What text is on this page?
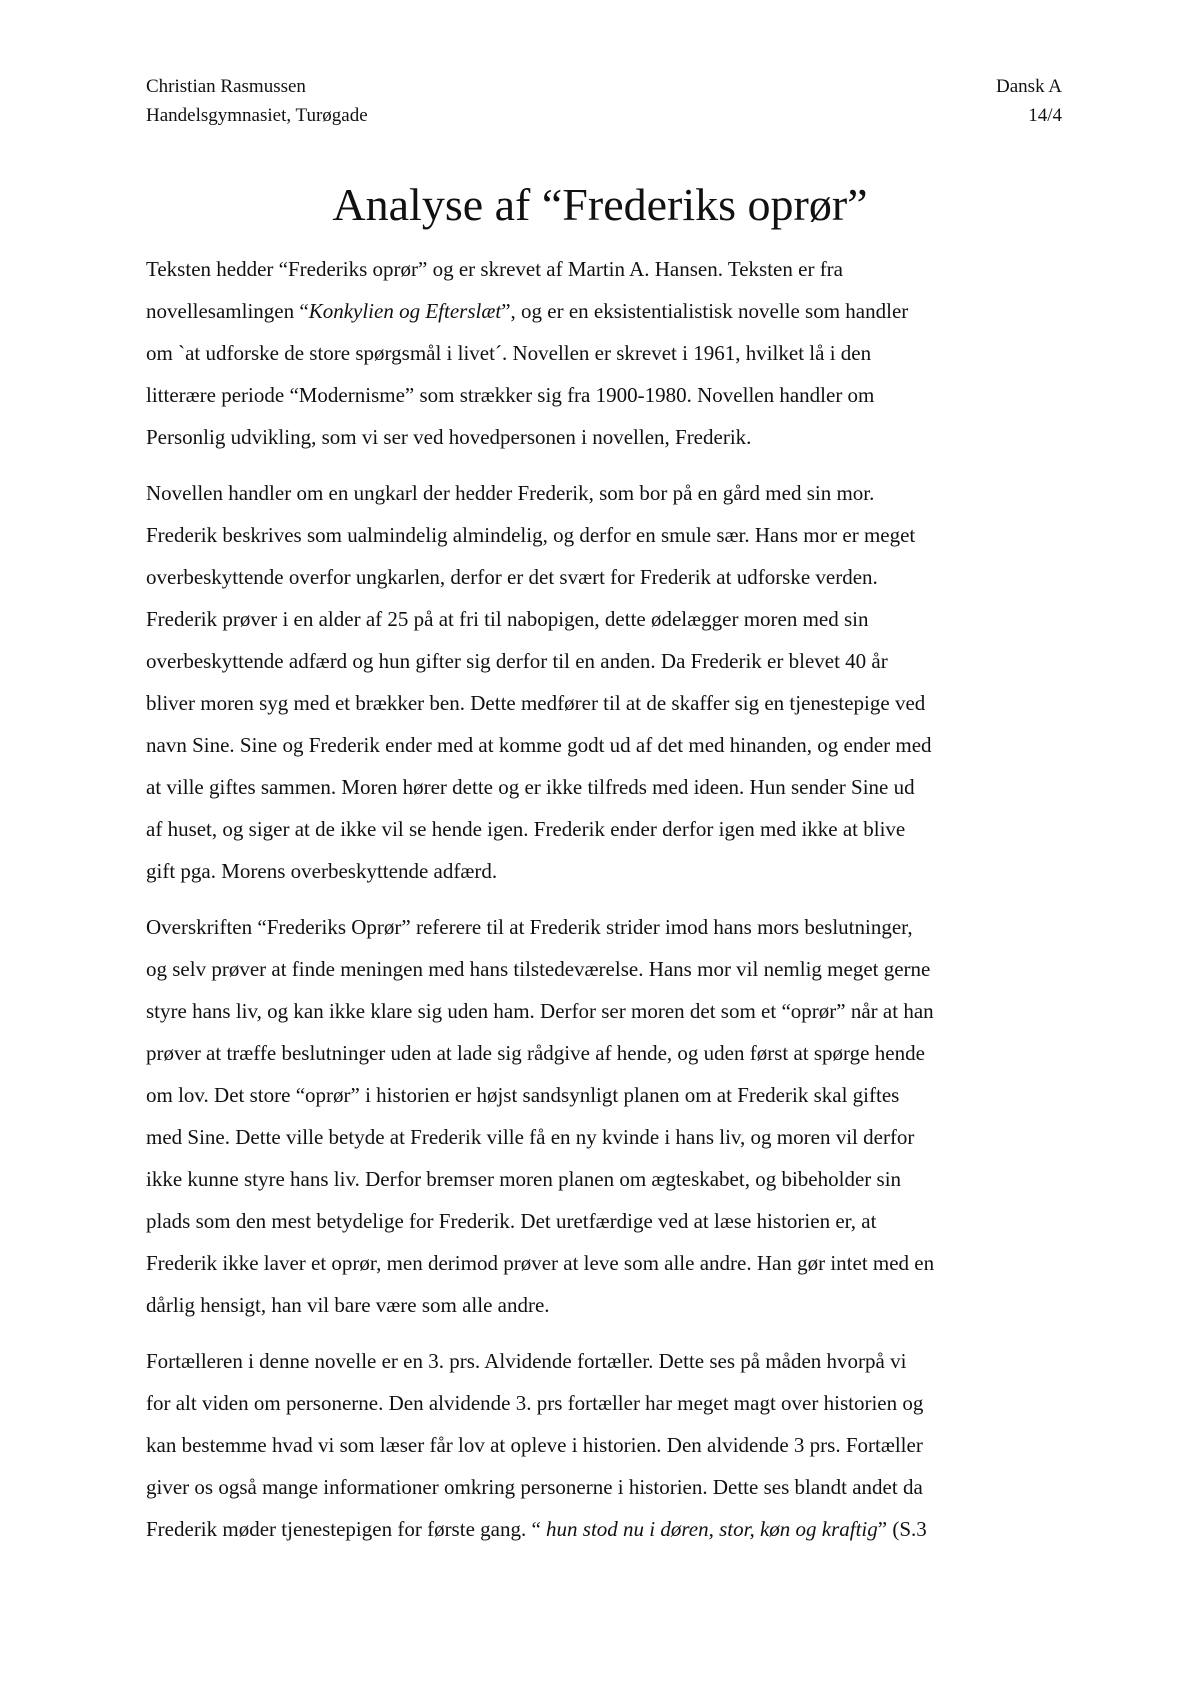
Christian Rasmussen
Handelsgymnasiet, Turøgade
Dansk A
14/4
Analyse af “Frederiks oprør”

Teksten hedder “Frederiks oprør” og er skrevet af Martin A. Hansen. Teksten er fra
novellesamlingen “Konkylien og Efterslæt”, og er en eksistentialistisk novelle som handler
om `at udforske de store spørgsmål i livet´. Novellen er skrevet i 1961, hvilket lå i den
litterære periode “Modernisme” som strækker sig fra 1900-1980. Novellen handler om
Personlig udvikling, som vi ser ved hovedpersonen i novellen, Frederik.

Novellen handler om en ungkarl der hedder Frederik, som bor på en gård med sin mor.
Frederik beskrives som ualmindelig almindelig, og derfor en smule sær. Hans mor er meget
overbeskyttende overfor ungkarlen, derfor er det svært for Frederik at udforske verden.
Frederik prøver i en alder af 25 på at fri til nabopigen, dette ødelægger moren med sin
overbeskyttende adfærd og hun gifter sig derfor til en anden. Da Frederik er blevet 40 år
bliver moren syg med et brækker ben. Dette medfører til at de skaffer sig en tjenestepige ved
navn Sine. Sine og Frederik ender med at komme godt ud af det med hinanden, og ender med
at ville giftes sammen. Moren hører dette og er ikke tilfreds med ideen. Hun sender Sine ud
af huset, og siger at de ikke vil se hende igen. Frederik ender derfor igen med ikke at blive
gift pga. Morens overbeskyttende adfærd.

Overskriften “Frederiks Oprør” referere til at Frederik strider imod hans mors beslutninger,
og selv prøver at finde meningen med hans tilstedeværelse. Hans mor vil nemlig meget gerne
styre hans liv, og kan ikke klare sig uden ham. Derfor ser moren det som et “oprør” når at han
prøver at træffe beslutninger uden at lade sig rådgive af hende, og uden først at spørge hende
om lov. Det store “oprør” i historien er højst sandsynligt planen om at Frederik skal giftes
med Sine. Dette ville betyde at Frederik ville få en ny kvinde i hans liv, og moren vil derfor
ikke kunne styre hans liv. Derfor bremser moren planen om ægteskabet, og bibeholder sin
plads som den mest betydelige for Frederik. Det uretfærdige ved at læse historien er, at
Frederik ikke laver et oprør, men derimod prøver at leve som alle andre. Han gør intet med en
dårlig hensigt, han vil bare være som alle andre.

Fortælleren i denne novelle er en 3. prs. Alvidende fortæller. Dette ses på måden hvorpå vi
for alt viden om personerne. Den alvidende 3. prs fortæller har meget magt over historien og
kan bestemme hvad vi som læser får lov at opleve i historien. Den alvidende 3 prs. Fortæller
giver os også mange informationer omkring personerne i historien. Dette ses blandt andet da
Frederik møder tjenestepigen for første gang. “ hun stod nu i døren, stor, køn og kraftig” (S.3
